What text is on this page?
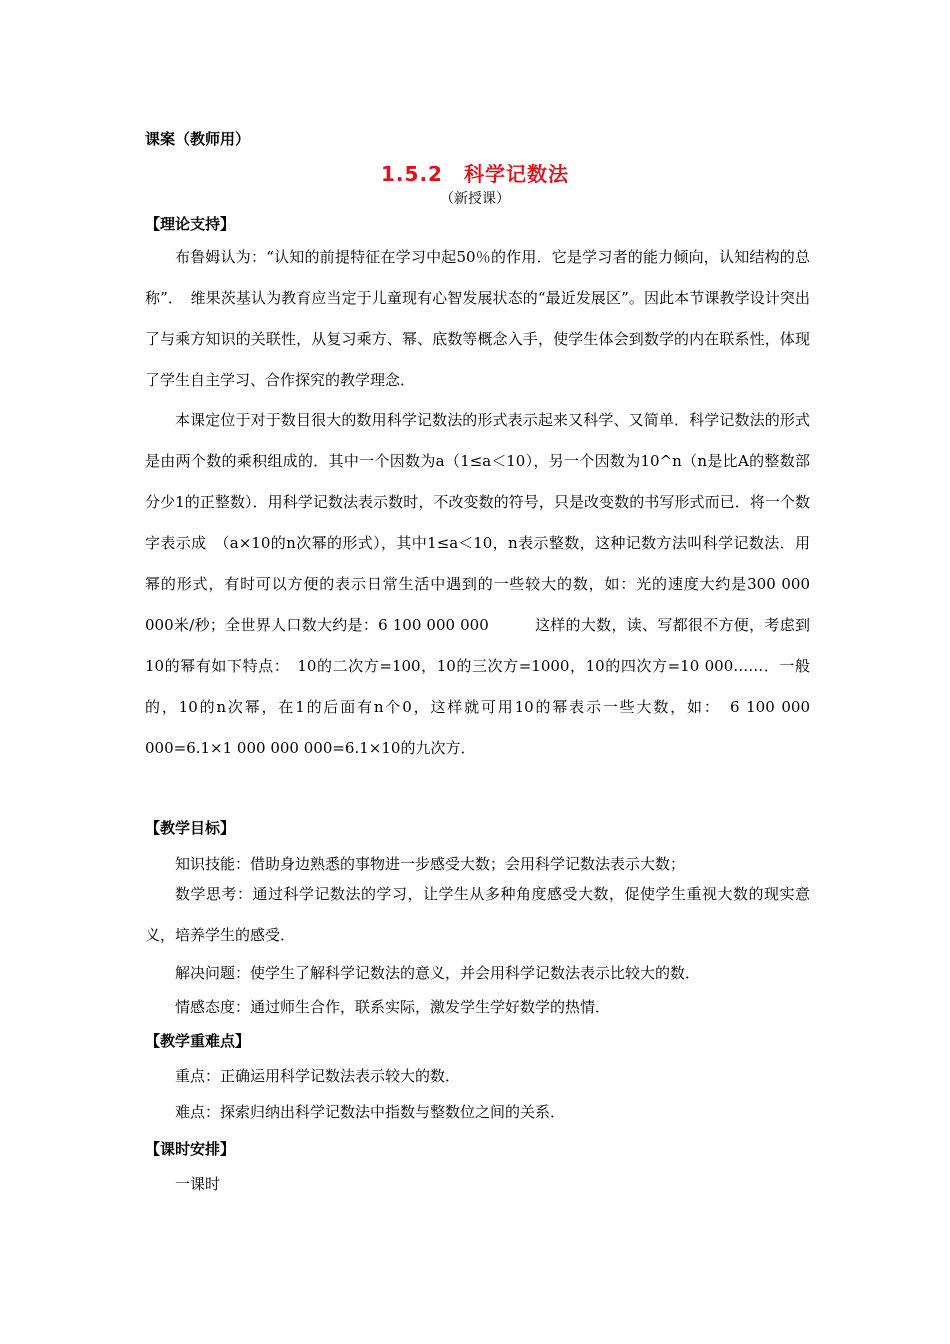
课案（教师用）
1.5.2　科学记数法
（新授课）
【理论支持】

布鲁姆认为：“认知的前提特征在学习中起50％的作用．它是学习者的能力倾向，认知结构的总称”．　维果茨基认为教育应当定于儿童现有心智发展状态的“最近发展区”。因此本节课教学设计突出了与乘方知识的关联性，从复习乘方、幂、底数等概念入手，使学生体会到数学的内在联系性，体现了学生自主学习、合作探究的教学理念．

本课定位于对于数目很大的数用科学记数法的形式表示起来又科学、又简单．科学记数法的形式是由两个数的乘积组成的．其中一个因数为a（1≤a＜10），另一个因数为10^n（n是比A的整数部分少1的正整数）．用科学记数法表示数时，不改变数的符号，只是改变数的书写形式而已．将一个数字表示成　（a×10的n次幂的形式），其中1≤a＜10，n表示整数，这种记数方法叫科学记数法．用幂的形式，有时可以方便的表示日常生活中遇到的一些较大的数，如：光的速度大约是300 000 000米/秒；全世界人口数大约是：6 100 000 000　　　这样的大数，读、写都很不方便，考虑到10的幂有如下特点：　10的二次方=100，10的三次方=1000，10的四次方=10 000……．一般的，10的n次幂，在1的后面有n个0，这样就可用10的幂表示一些大数，如：　6 100 000 000=6.1×1 000 000 000=6.1×10的九次方．

【教学目标】
知识技能：借助身边熟悉的事物进一步感受大数；会用科学记数法表示大数；

数学思考：通过科学记数法的学习，让学生从多种角度感受大数，促使学生重视大数的现实意义，培养学生的感受．

解决问题：使学生了解科学记数法的意义，并会用科学记数法表示比较大的数．
情感态度：通过师生合作，联系实际，激发学生学好数学的热情．
【教学重难点】
重点：正确运用科学记数法表示较大的数．
难点：探索归纳出科学记数法中指数与整数位之间的关系．
【课时安排】
一课时
